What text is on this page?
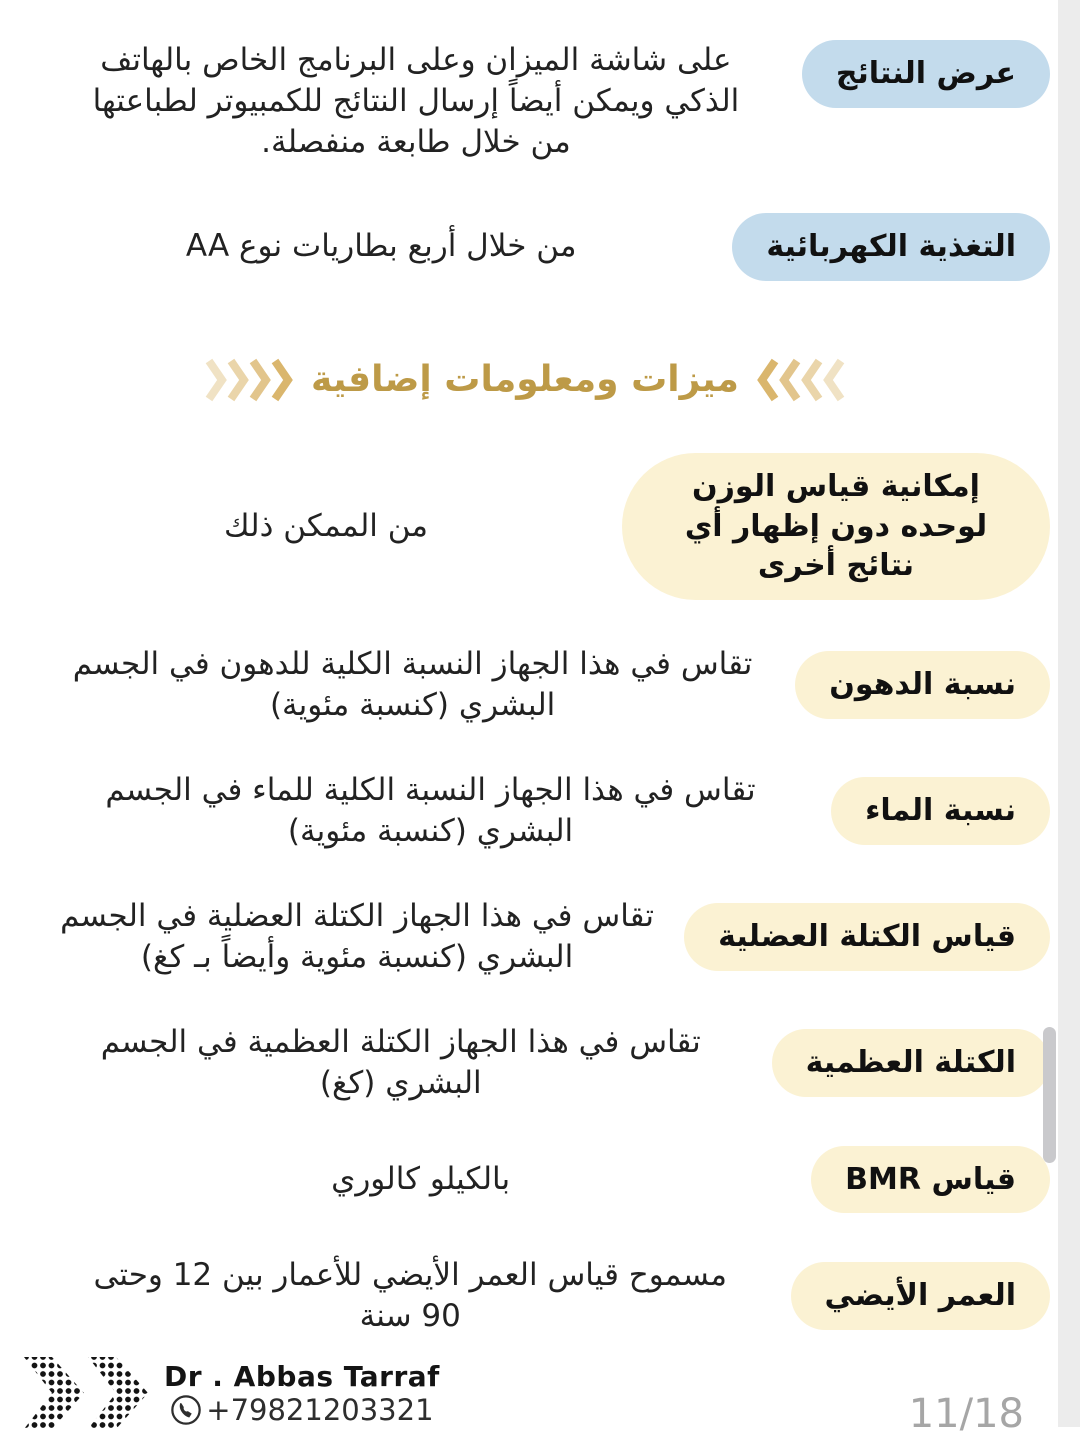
عرض النتائج
على شاشة الميزان وعلى البرنامج الخاص بالهاتف الذكي ويمكن أيضاً إرسال النتائج للكمبيوتر لطباعتها من خلال طابعة منفصلة.
التغذية الكهربائية
من خلال أربع بطاريات نوع AA
ميزات ومعلومات إضافية
إمكانية قياس الوزن لوحده دون إظهار أي نتائج أخرى
من الممكن ذلك
نسبة الدهون
تقاس في هذا الجهاز النسبة الكلية للدهون في الجسم البشري (كنسبة مئوية)
نسبة الماء
تقاس في هذا الجهاز النسبة الكلية للماء في الجسم البشري (كنسبة مئوية)
قياس الكتلة العضلية
تقاس في هذا الجهاز الكتلة العضلية في الجسم البشري (كنسبة مئوية وأيضاً بـ كغ)
الكتلة العظمية
تقاس في هذا الجهاز الكتلة العظمية في الجسم البشري (كغ)
قياس BMR
بالكيلو كالوري
العمر الأيضي
مسموح قياس العمر الأيضي للأعمار بين 12 وحتى 90 سنة
Dr . Abbas Tarraf
+79821203321	11/18
